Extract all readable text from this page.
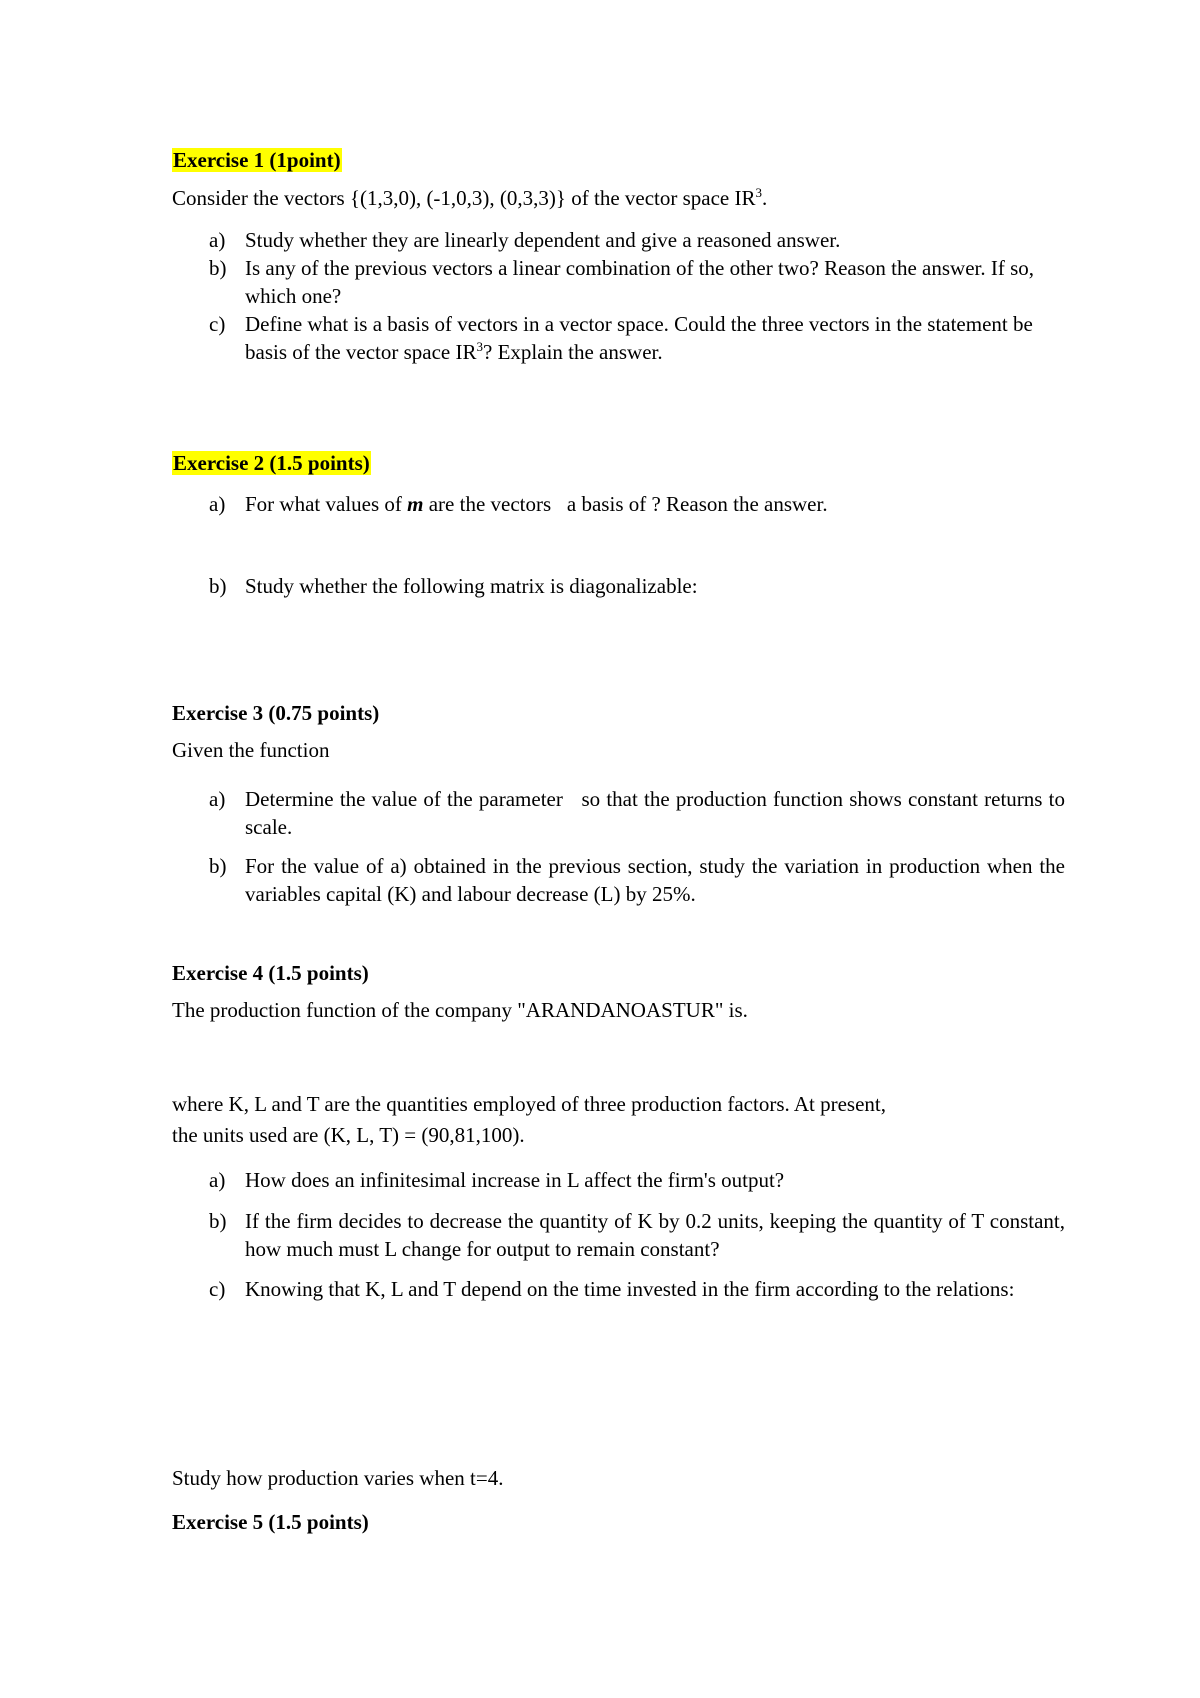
Exercise 1 (1point)
Consider the vectors {(1,3,0), (-1,0,3), (0,3,3)} of the vector space $IR^3$.
a) Study whether they are linearly dependent and give a reasoned answer.
b) Is any of the previous vectors a linear combination of the other two? Reason the answer. If so, which one?
c) Define what is a basis of vectors in a vector space. Could the three vectors in the statement be basis of the vector space $IR^3$? Explain the answer.
Exercise 2 (1.5 points)
a) For what values of m are the vectors   a basis of ? Reason the answer.
b) Study whether the following matrix is diagonalizable:
Exercise 3 (0.75 points)
Given the function
a) Determine the value of the parameter   so that the production function shows constant returns to scale.
b) For the value of a) obtained in the previous section, study the variation in production when the variables capital (K) and labour decrease (L) by 25%.
Exercise 4 (1.5 points)
The production function of the company "ARANDANOASTUR" is.
where K, L and T are the quantities employed of three production factors. At present,
the units used are (K, L, T) = (90,81,100).
a) How does an infinitesimal increase in L affect the firm's output?
b) If the firm decides to decrease the quantity of K by 0.2 units, keeping the quantity of T constant, how much must L change for output to remain constant?
c) Knowing that K, L and T depend on the time invested in the firm according to the relations:
Study how production varies when t=4.
Exercise 5 (1.5 points)
